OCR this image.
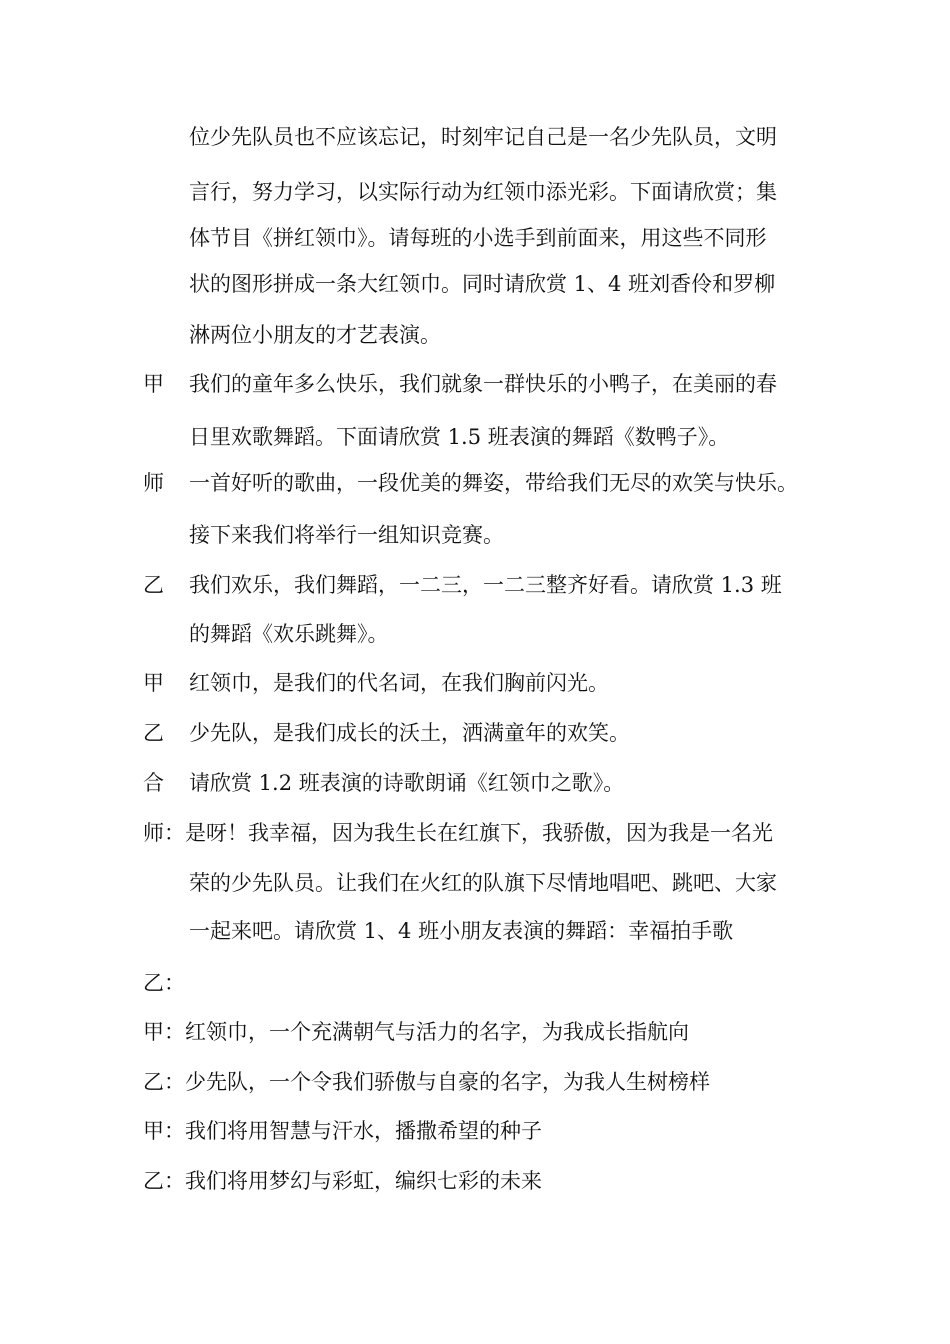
位少先队员也不应该忘记，时刻牢记自己是一名少先队员，文明
言行，努力学习，以实际行动为红领巾添光彩。下面请欣赏；集
体节目《拼红领巾》。请每班的小选手到前面来，用这些不同形
状的图形拼成一条大红领巾。同时请欣赏 1、4 班刘香伶和罗柳
淋两位小朋友的才艺表演。
甲 我们的童年多么快乐，我们就象一群快乐的小鸭子，在美丽的春
日里欢歌舞蹈。下面请欣赏 1.5 班表演的舞蹈《数鸭子》。
师 一首好听的歌曲，一段优美的舞姿，带给我们无尽的欢笑与快乐。
接下来我们将举行一组知识竞赛。
乙 我们欢乐，我们舞蹈，一二三，一二三整齐好看。请欣赏 1.3 班
的舞蹈《欢乐跳舞》。
甲 红领巾，是我们的代名词，在我们胸前闪光。
乙 少先队，是我们成长的沃土，洒满童年的欢笑。
合 请欣赏 1.2 班表演的诗歌朗诵《红领巾之歌》。
师：是呀！我幸福，因为我生长在红旗下，我骄傲，因为我是一名光
荣的少先队员。让我们在火红的队旗下尽情地唱吧、跳吧、大家
一起来吧。请欣赏 1、4 班小朋友表演的舞蹈：幸福拍手歌
乙：
甲：红领巾，一个充满朝气与活力的名字，为我成长指航向
乙：少先队，一个令我们骄傲与自豪的名字，为我人生树榜样
甲：我们将用智慧与汗水，播撒希望的种子
乙：我们将用梦幻与彩虹，编织七彩的未来
